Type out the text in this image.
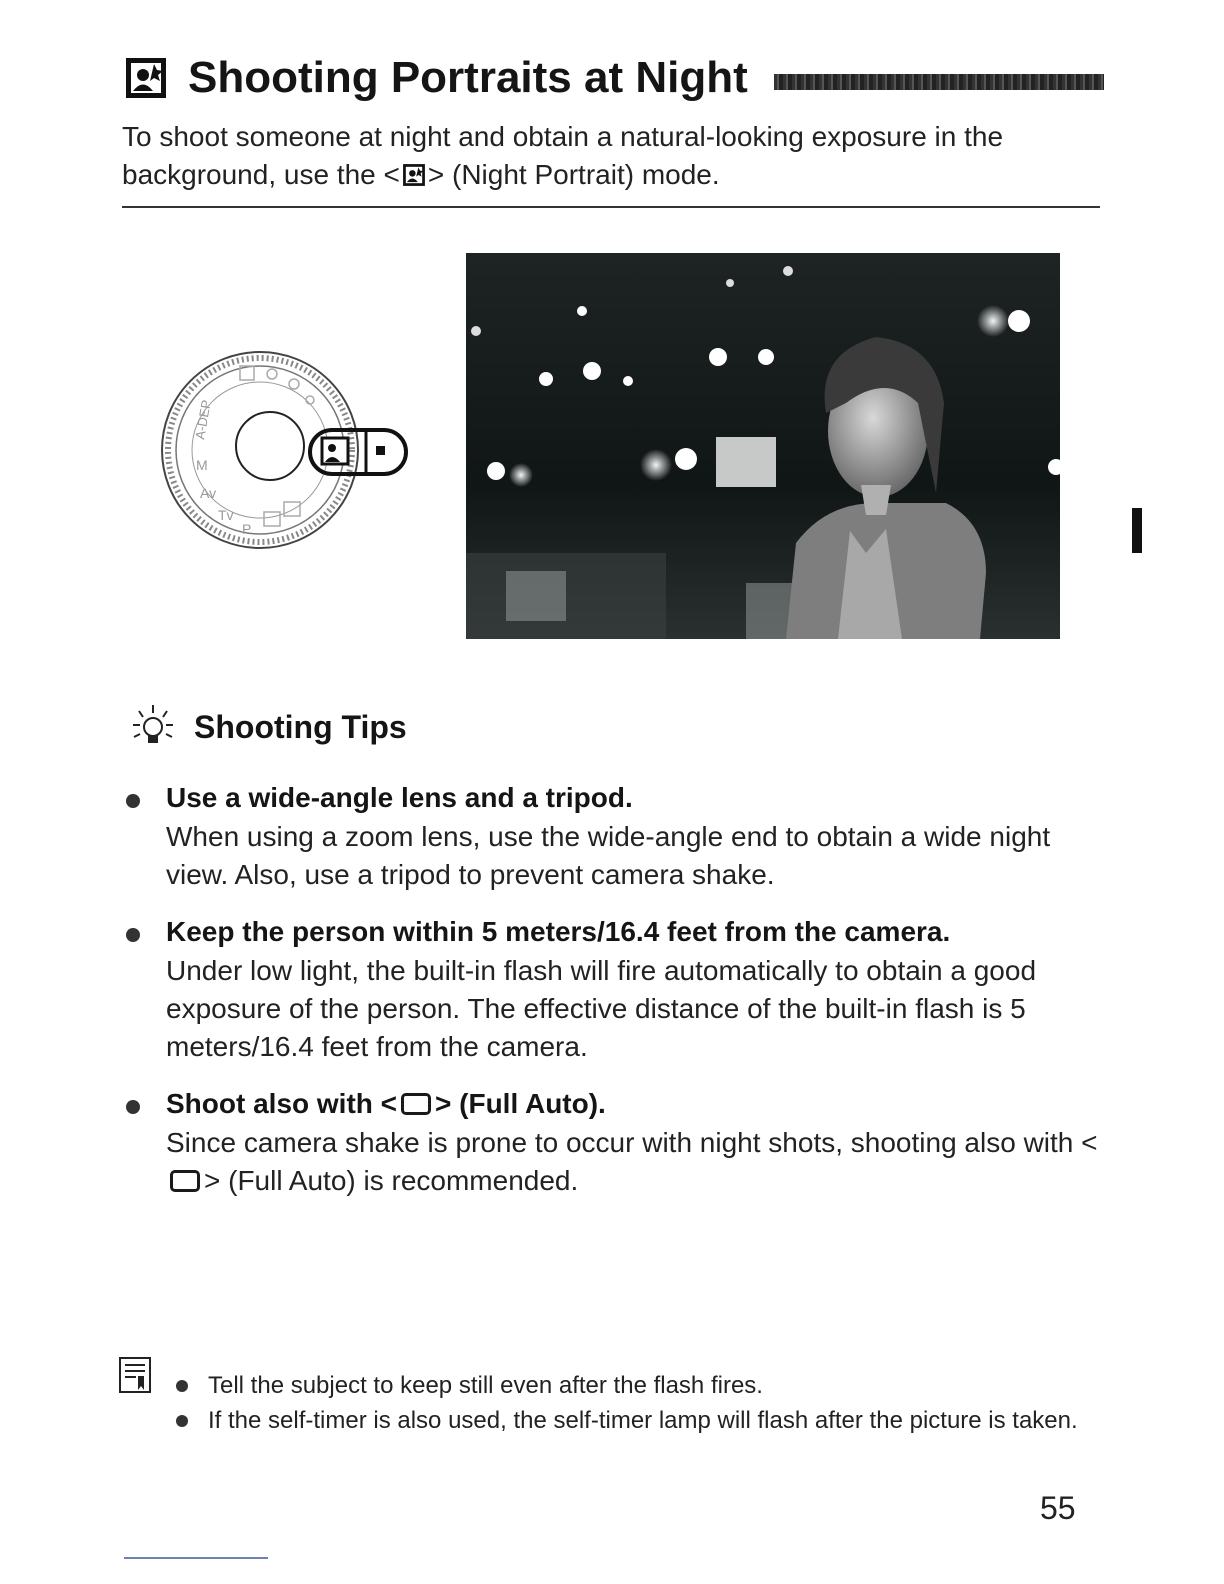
Shooting Portraits at Night
To shoot someone at night and obtain a natural-looking exposure in the background, use the < > (Night Portrait) mode.
A-DEP
M
Av
Tv
P
Shooting Tips
Use a wide-angle lens and a tripod.
When using a zoom lens, use the wide-angle end to obtain a wide night view. Also, use a tripod to prevent camera shake.
Keep the person within 5 meters/16.4 feet from the camera.
Under low light, the built-in flash will fire automatically to obtain a good exposure of the person. The effective distance of the built-in flash is 5 meters/16.4 feet from the camera.
Shoot also with < > (Full Auto).
Since camera shake is prone to occur with night shots, shooting also with <> (Full Auto) is recommended.
Tell the subject to keep still even after the flash fires.
If the self-timer is also used, the self-timer lamp will flash after the picture is taken.
55
